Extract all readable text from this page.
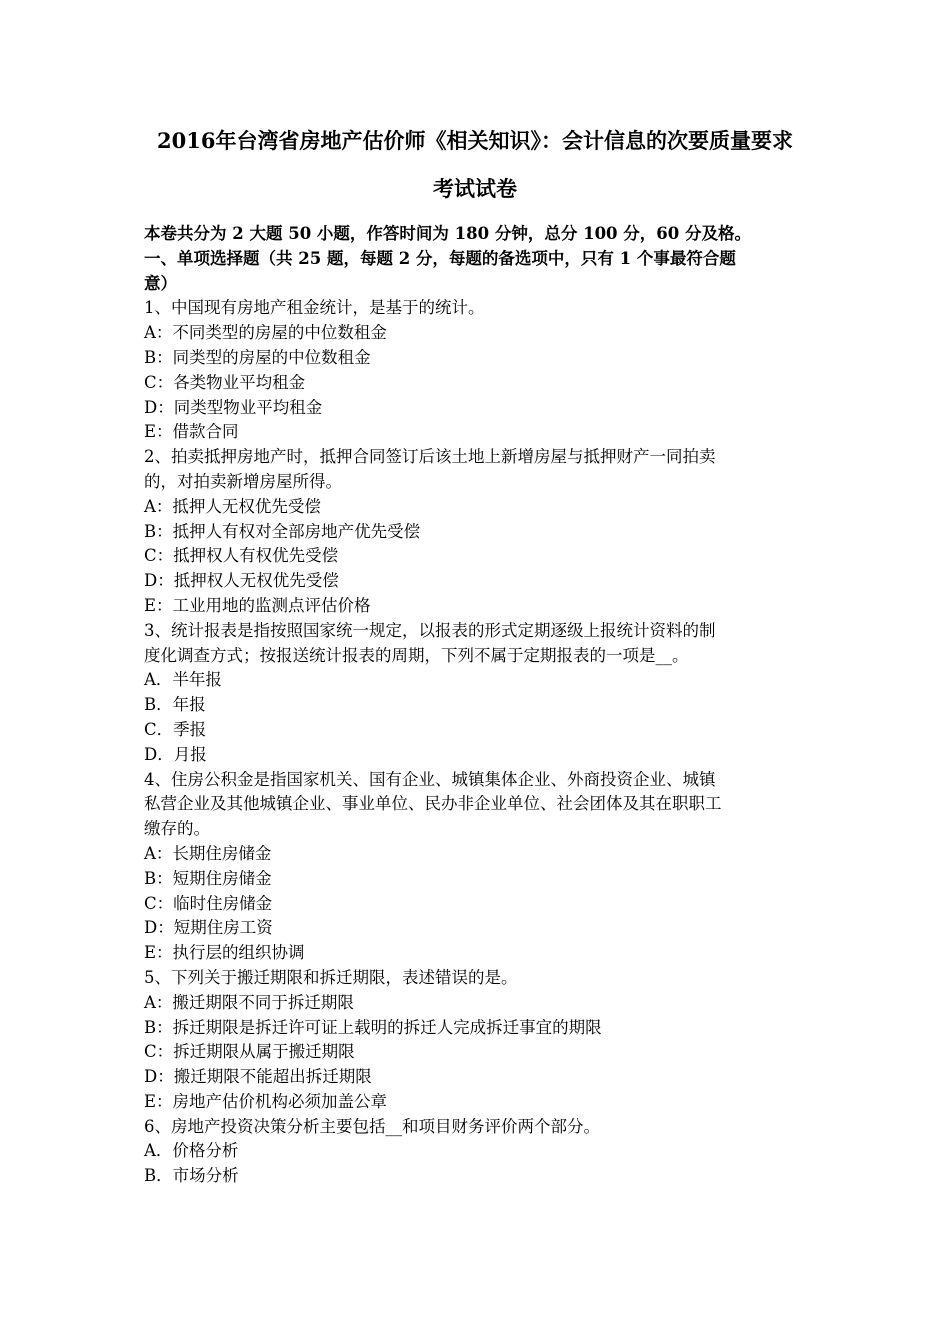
2016年台湾省房地产估价师《相关知识》：会计信息的次要质量要求
考试试卷
本卷共分为 2 大题 50 小题，作答时间为 180 分钟，总分 100 分，60 分及格。
一、单项选择题（共 25 题，每题 2 分，每题的备选项中，只有 1 个事最符合题
意）
1、中国现有房地产租金统计，是基于的统计。
A：不同类型的房屋的中位数租金
B：同类型的房屋的中位数租金
C：各类物业平均租金
D：同类型物业平均租金
E：借款合同
2、拍卖抵押房地产时，抵押合同签订后该土地上新增房屋与抵押财产一同拍卖
的，对拍卖新增房屋所得。
A：抵押人无权优先受偿
B：抵押人有权对全部房地产优先受偿
C：抵押权人有权优先受偿
D：抵押权人无权优先受偿
E：工业用地的监测点评估价格
3、统计报表是指按照国家统一规定，以报表的形式定期逐级上报统计资料的制
度化调查方式；按报送统计报表的周期，下列不属于定期报表的一项是__。
A．半年报
B．年报
C．季报
D．月报
4、住房公积金是指国家机关、国有企业、城镇集体企业、外商投资企业、城镇
私营企业及其他城镇企业、事业单位、民办非企业单位、社会团体及其在职职工
缴存的。
A：长期住房储金
B：短期住房储金
C：临时住房储金
D：短期住房工资
E：执行层的组织协调
5、下列关于搬迁期限和拆迁期限，表述错误的是。
A：搬迁期限不同于拆迁期限
B：拆迁期限是拆迁许可证上载明的拆迁人完成拆迁事宜的期限
C：拆迁期限从属于搬迁期限
D：搬迁期限不能超出拆迁期限
E：房地产估价机构必须加盖公章
6、房地产投资决策分析主要包括__和项目财务评价两个部分。
A．价格分析
B．市场分析
